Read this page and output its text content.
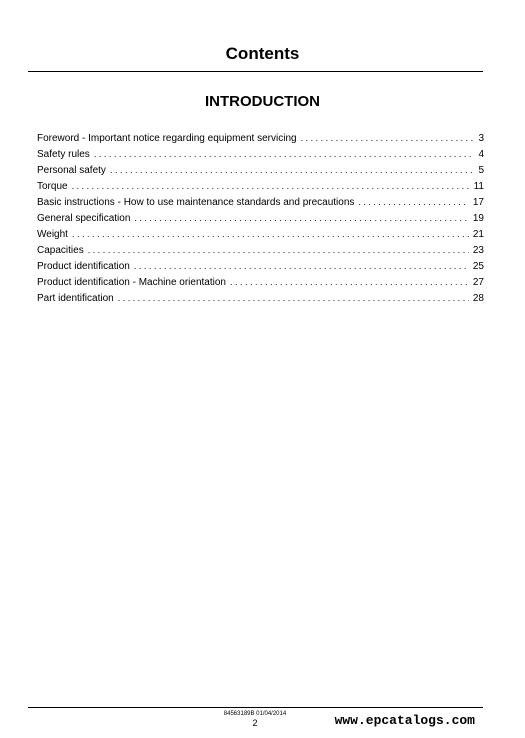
Contents
INTRODUCTION
Foreword - Important notice regarding equipment servicing . . .	3
Safety rules . . .	4
Personal safety . . .	5
Torque . . .	11
Basic instructions - How to use maintenance standards and precautions . . .	17
General specification . . .	19
Weight . . .	21
Capacities . . .	23
Product identification . . .	25
Product identification - Machine orientation . . .	27
Part identification . . .	28
84563189B 01/04/2014
2	www.epcatalogs.com
